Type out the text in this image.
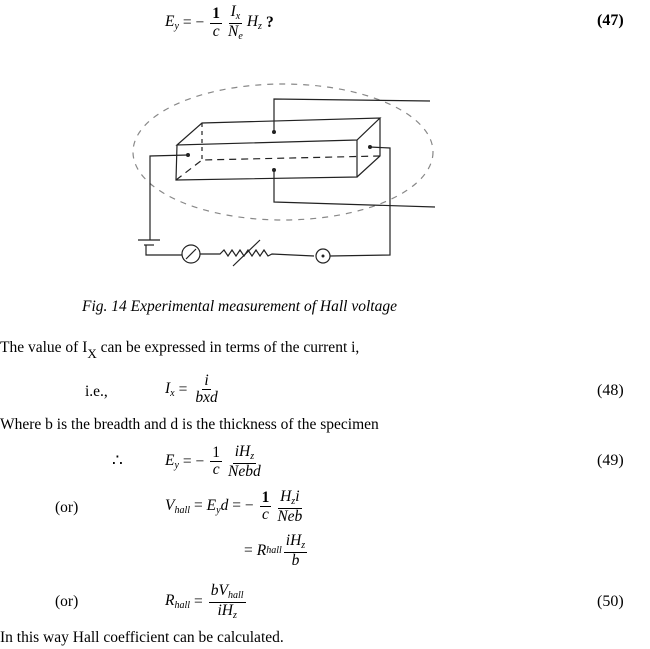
$E_y$ = − $\frac{1}{c} \frac{I_x}{N_e} H_z$ ?	(47)
Fig. 14 Experimental measurement of Hall voltage
The value of $I_X$ can be expressed in terms of the current i,
i.e.,	$I_x = \frac{i}{\text{bxd}}$	(48)
Where b is the breadth and d is the thickness of the specimen
∴	$E_y$ = − $\frac{1}{c} \frac{iH_z}{\text{Nebd}}$	(49)
(or)	$V_{hall} = E_yd$ = − $\frac{1}{c} \frac{H_zi}{\text{Neb}}$
= R hall $\frac{iH_z}{b}$
(or)	$R_{hall} = \frac{bV_{hall}}{iH_z}$	(50)
In this way Hall coefficient can be calculated.
